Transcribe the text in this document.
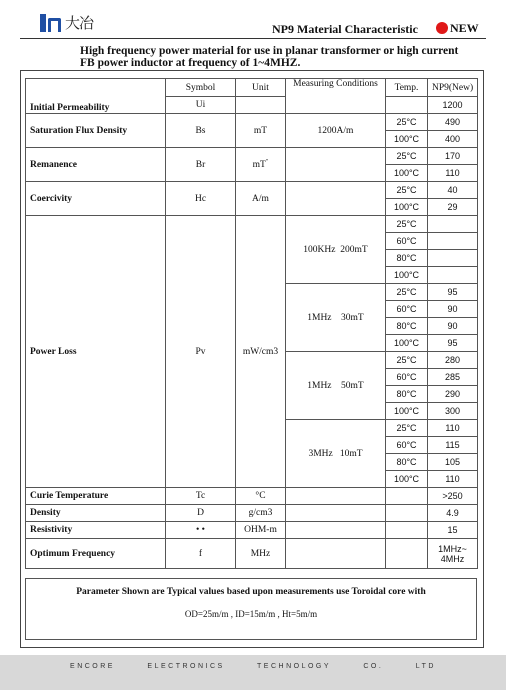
大冶	NP9 Material Characteristic	NEW
High frequency power material for use in planar transformer or high current FB power inductor at frequency of 1~4MHZ.
Initial Permeability	Symbol	Unit	Measuring Conditions	Temp.	NP9(New)
	Ui				1200
Saturation Flux Density	Bs	mT	1200A/m	25°C	490
				100°C	400
Remanence	Br	mT"		25°C	170
				100°C	110
Coercivity	Hc	A/m		25°C	40
				100°C	29
Power Loss	Pv	mW/cm3	100KHz 200mT	25°C	
				60°C	
				80°C	
				100°C	
			1MHz 30mT	25°C	95
				60°C	90
				80°C	90
				100°C	95
			1MHz 50mT	25°C	280
				60°C	285
				80°C	290
				100°C	300
			3MHz 10mT	25°C	110
				60°C	115
				80°C	105
				100°C	110
Curie Temperature	Tc	°C			>250
Density	D	g/cm3			4.9
Resistivity	• •	OHM-m			15
Optimum Frequency	f	MHz			1MHz~
4MHz
Parameter Shown are Typical values based upon measurements use Toroidal core with
OD=25m/m , ID=15m/m , Ht=5m/m
ENCORE ELECTRONICS TECHNOLOGY CO. LTD
